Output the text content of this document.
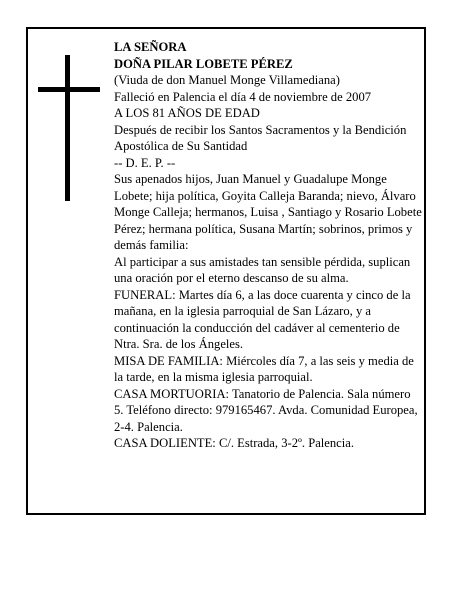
LA SEÑORA

DOÑA PILAR LOBETE PÉREZ

(Viuda de don Manuel Monge Villamediana)

Falleció en Palencia el día 4 de noviembre de 2007

A LOS 81 AÑOS DE EDAD

Después de recibir los Santos Sacramentos y la Bendición Apostólica de Su Santidad

-- D. E. P. --

Sus apenados hijos, Juan Manuel y Guadalupe Monge Lobete; hija política, Goyita Calleja Baranda; nievo, Álvaro Monge Calleja; hermanos, Luisa , Santiago y Rosario Lobete Pérez; hermana política, Susana Martín; sobrinos, primos y demás familia:

Al participar a sus amistades tan sensible pérdida, suplican una oración por el eterno descanso de su alma.

FUNERAL: Martes día 6, a las doce cuarenta y cinco de la mañana, en la iglesia parroquial de San Lázaro, y a continuación la conducción del cadáver al cementerio de Ntra. Sra. de los Ángeles.

MISA DE FAMILIA: Miércoles día 7, a las seis y media de la tarde, en la misma iglesia parroquial.

CASA MORTUORIA: Tanatorio de Palencia. Sala número 5. Teléfono directo: 979165467. Avda. Comunidad Europea, 2-4. Palencia.

CASA DOLIENTE: C/. Estrada, 3-2º. Palencia.
